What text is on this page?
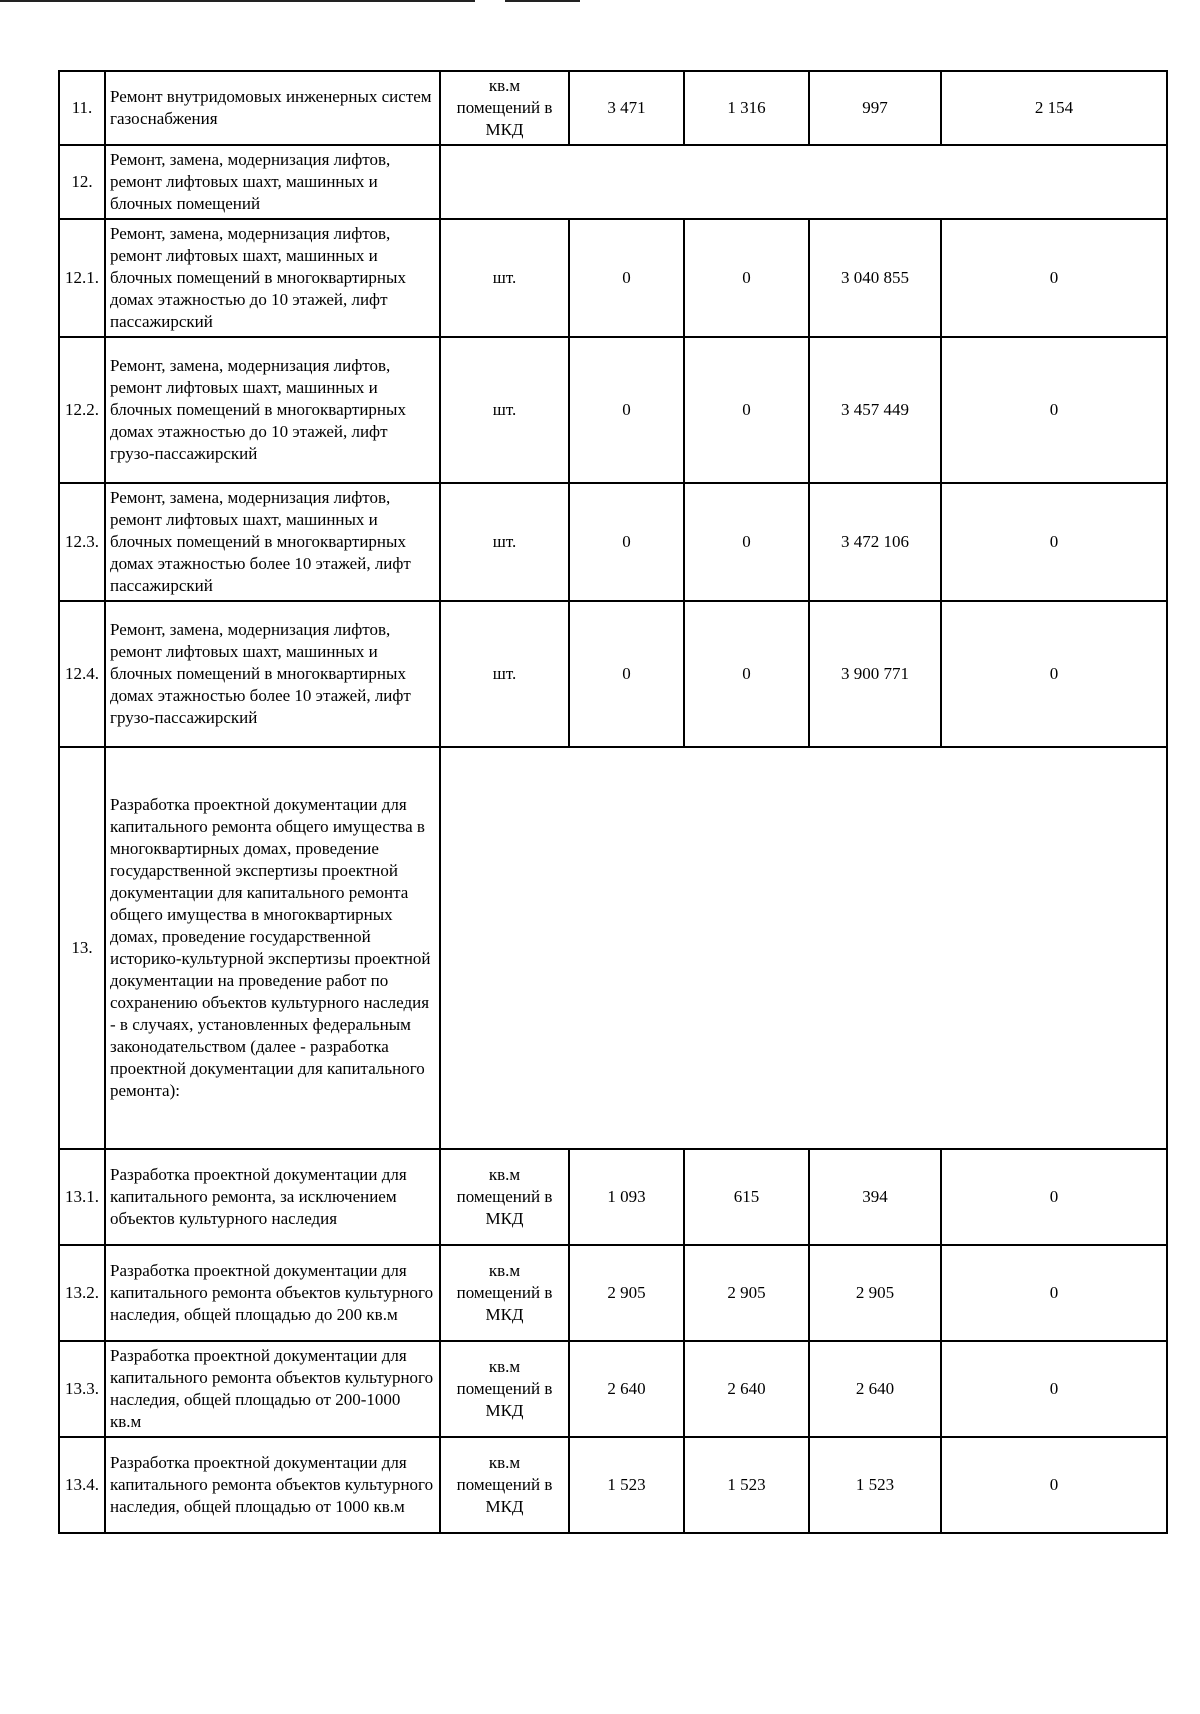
11.	Ремонт внутридомовых инженерных систем газоснабжения	кв.м помещений в МКД	3 471	1 316	997	2 154
12.	Ремонт, замена, модернизация лифтов, ремонт лифтовых шахт, машинных и блочных помещений					
12.1.	Ремонт, замена, модернизация лифтов, ремонт лифтовых шахт, машинных и блочных помещений в многоквартирных домах этажностью до 10 этажей, лифт пассажирский	шт.	0	0	3 040 855	0
12.2.	Ремонт, замена, модернизация лифтов, ремонт лифтовых шахт, машинных и блочных помещений в многоквартирных домах этажностью до 10 этажей, лифт грузо-пассажирский	шт.	0	0	3 457 449	0
12.3.	Ремонт, замена, модернизация лифтов, ремонт лифтовых шахт, машинных и блочных помещений в многоквартирных домах этажностью более 10 этажей, лифт пассажирский	шт.	0	0	3 472 106	0
12.4.	Ремонт, замена, модернизация лифтов, ремонт лифтовых шахт, машинных и блочных помещений в многоквартирных домах этажностью более 10 этажей, лифт грузо-пассажирский	шт.	0	0	3 900 771	0
13.	Разработка проектной документации для капитального ремонта общего имущества в многоквартирных домах, проведение государственной экспертизы проектной документации для капитального ремонта общего имущества в многоквартирных домах, проведение государственной историко-культурной экспертизы проектной документации на проведение работ по сохранению объектов культурного наследия - в случаях, установленных федеральным законодательством (далее - разработка проектной документации для капитального ремонта):					
13.1.	Разработка проектной документации для капитального ремонта, за исключением объектов культурного наследия	кв.м помещений в МКД	1 093	615	394	0
13.2.	Разработка проектной документации для капитального ремонта объектов культурного наследия, общей площадью до 200 кв.м	кв.м помещений в МКД	2 905	2 905	2 905	0
13.3.	Разработка проектной документации для капитального ремонта объектов культурного наследия, общей площадью от 200-1000 кв.м	кв.м помещений в МКД	2 640	2 640	2 640	0
13.4.	Разработка проектной документации для капитального ремонта объектов культурного наследия, общей площадью от 1000 кв.м	кв.м помещений в МКД	1 523	1 523	1 523	0
